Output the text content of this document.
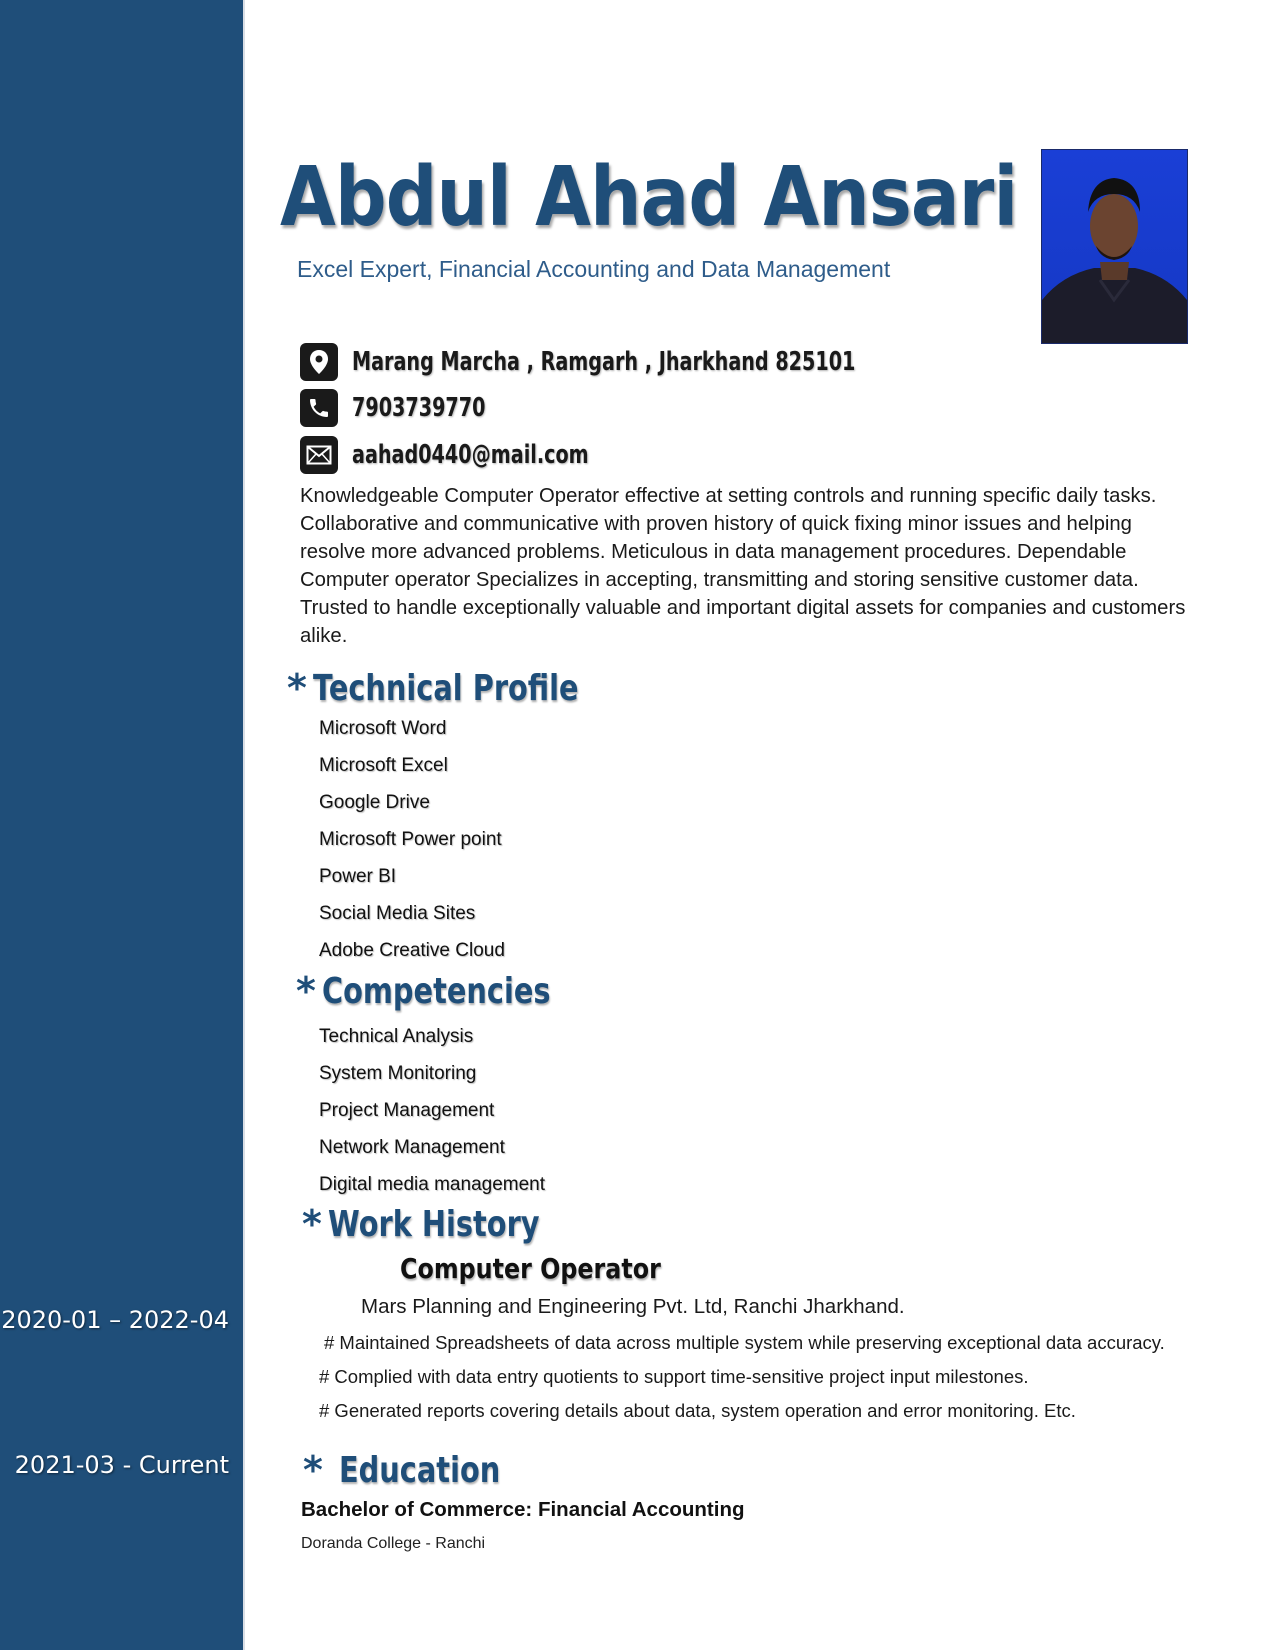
2020-01 – 2022-04
2021-03 - Current
Abdul Ahad Ansari
Excel Expert, Financial Accounting and Data Management
Marang Marcha , Ramgarh , Jharkhand 825101
7903739770
aahad0440@mail.com
Knowledgeable Computer Operator effective at setting controls and running specific daily tasks. Collaborative and communicative with proven history of quick fixing minor issues and helping resolve more advanced problems. Meticulous in data management procedures. Dependable Computer operator Specializes in accepting, transmitting and storing sensitive customer data. Trusted to handle exceptionally valuable and important digital assets for companies and customers alike.
* Technical Profile
Microsoft Word
Microsoft Excel
Google Drive
Microsoft Power point
Power BI
Social Media Sites
Adobe Creative Cloud
* Competencies
Technical Analysis
System Monitoring
Project Management
Network Management
Digital media management
* Work History
Computer Operator
Mars Planning and Engineering Pvt. Ltd, Ranchi Jharkhand.
# Maintained Spreadsheets of data across multiple system while preserving exceptional data accuracy.
# Complied with data entry quotients to support time-sensitive project input milestones.
# Generated reports covering details about data, system operation and error monitoring. Etc.
* Education
Bachelor of Commerce: Financial Accounting
Doranda College - Ranchi
